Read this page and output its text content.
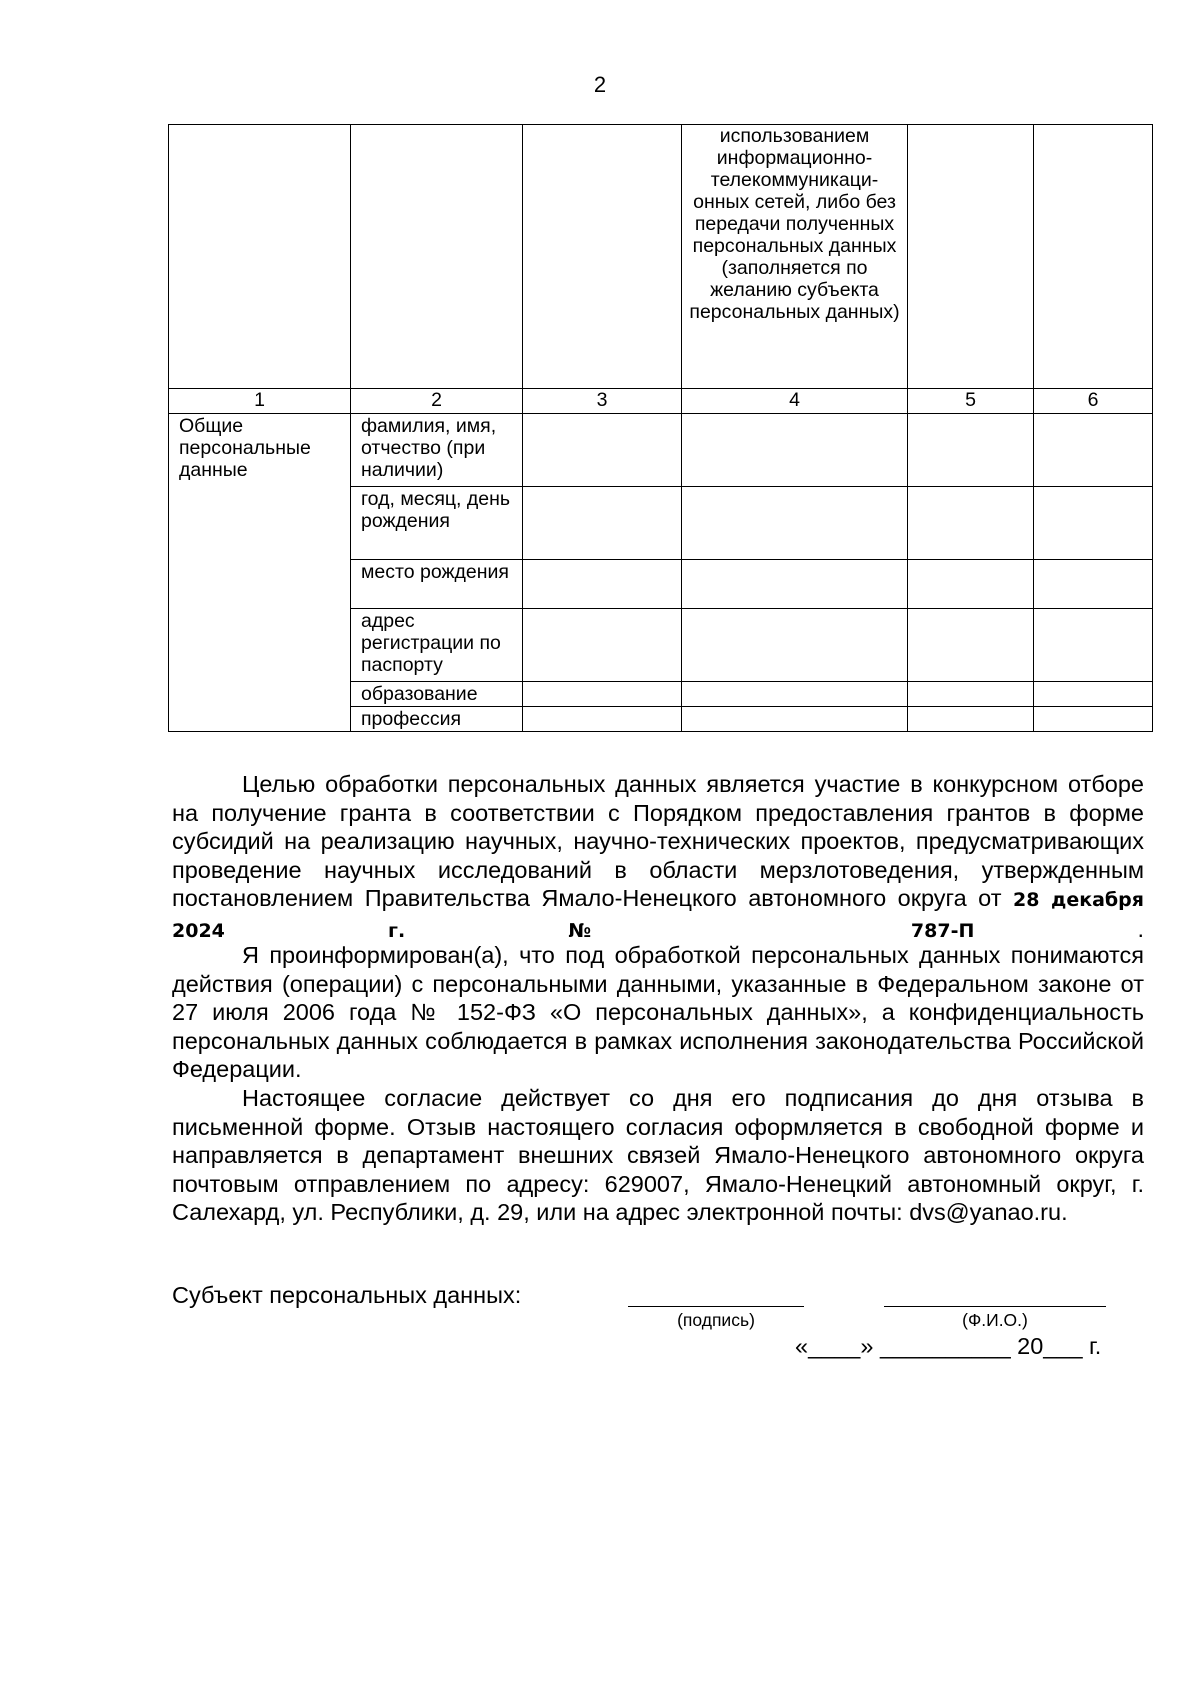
2
			использованием информационно-телекоммуникаци-онных сетей, либо без передачи полученных персональных данных (заполняется по желанию субъекта персональных данных)		
1	2	3	4	5	6
Общие персональные данные	фамилия, имя, отчество (при наличии)				
	год, месяц, день рождения				
	место рождения				
	адрес регистрации по паспорту				
	образование				
	профессия				

Целью обработки персональных данных является участие в конкурсном отборе на получение гранта в соответствии с Порядком предоставления грантов в форме субсидий на реализацию научных, научно-технических проектов, предусматривающих проведение научных исследований в области мерзлотоведения, утвержденным постановлением Правительства Ямало-Ненецкого автономного округа от 28 декабря 2024 г. № 787-П	.

Я проинформирован(а), что под обработкой персональных данных понимаются действия (операции) с персональными данными, указанные в Федеральном законе от 27 июля 2006 года № 152-ФЗ «О персональных данных», а конфиденциальность персональных данных соблюдается в рамках исполнения законодательства Российской Федерации.

Настоящее согласие действует со дня его подписания до дня отзыва в письменной форме. Отзыв настоящего согласия оформляется в свободной форме и направляется в департамент внешних связей Ямало-Ненецкого автономного округа почтовым отправлением по адресу: 629007, Ямало-Ненецкий автономный округ, г. Салехард, ул. Республики, д. 29, или на адрес электронной почты: dvs@yanao.ru.

Субъект персональных данных:
(подпись)	(Ф.И.О.)
«____» __________ 20___ г.
